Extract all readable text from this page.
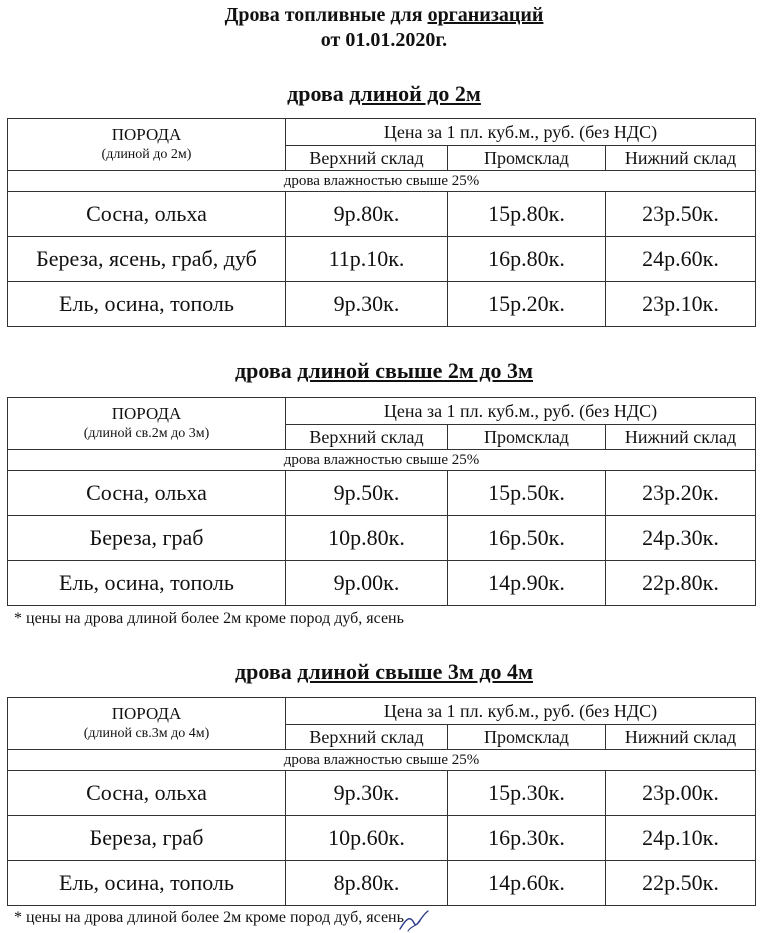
Дрова топливные для организаций
от 01.01.2020г.
дрова длиной до 2м
ПОРОДА
(длиной до 2м)	Цена за 1 пл. куб.м., руб. (без НДС)		
	Верхний склад	Промсклад	Нижний склад
дрова влажностью свыше 25%			
Сосна, ольха	9р.80к.	15р.80к.	23р.50к.
Береза, ясень, граб, дуб	11р.10к.	16р.80к.	24р.60к.
Ель, осина, тополь	9р.30к.	15р.20к.	23р.10к.
дрова длиной свыше 2м до 3м
ПОРОДА
(длиной св.2м до 3м)	Цена за 1 пл. куб.м., руб. (без НДС)		
	Верхний склад	Промсклад	Нижний склад
дрова влажностью свыше 25%			
Сосна, ольха	9р.50к.	15р.50к.	23р.20к.
Береза, граб	10р.80к.	16р.50к.	24р.30к.
Ель, осина, тополь	9р.00к.	14р.90к.	22р.80к.
* цены на дрова длиной более 2м кроме пород дуб, ясень
дрова длиной свыше 3м до 4м
ПОРОДА
(длиной св.3м до 4м)	Цена за 1 пл. куб.м., руб. (без НДС)		
	Верхний склад	Промсклад	Нижний склад
дрова влажностью свыше 25%			
Сосна, ольха	9р.30к.	15р.30к.	23р.00к.
Береза, граб	10р.60к.	16р.30к.	24р.10к.
Ель, осина, тополь	8р.80к.	14р.60к.	22р.50к.
* цены на дрова длиной более 2м кроме пород дуб, ясень
